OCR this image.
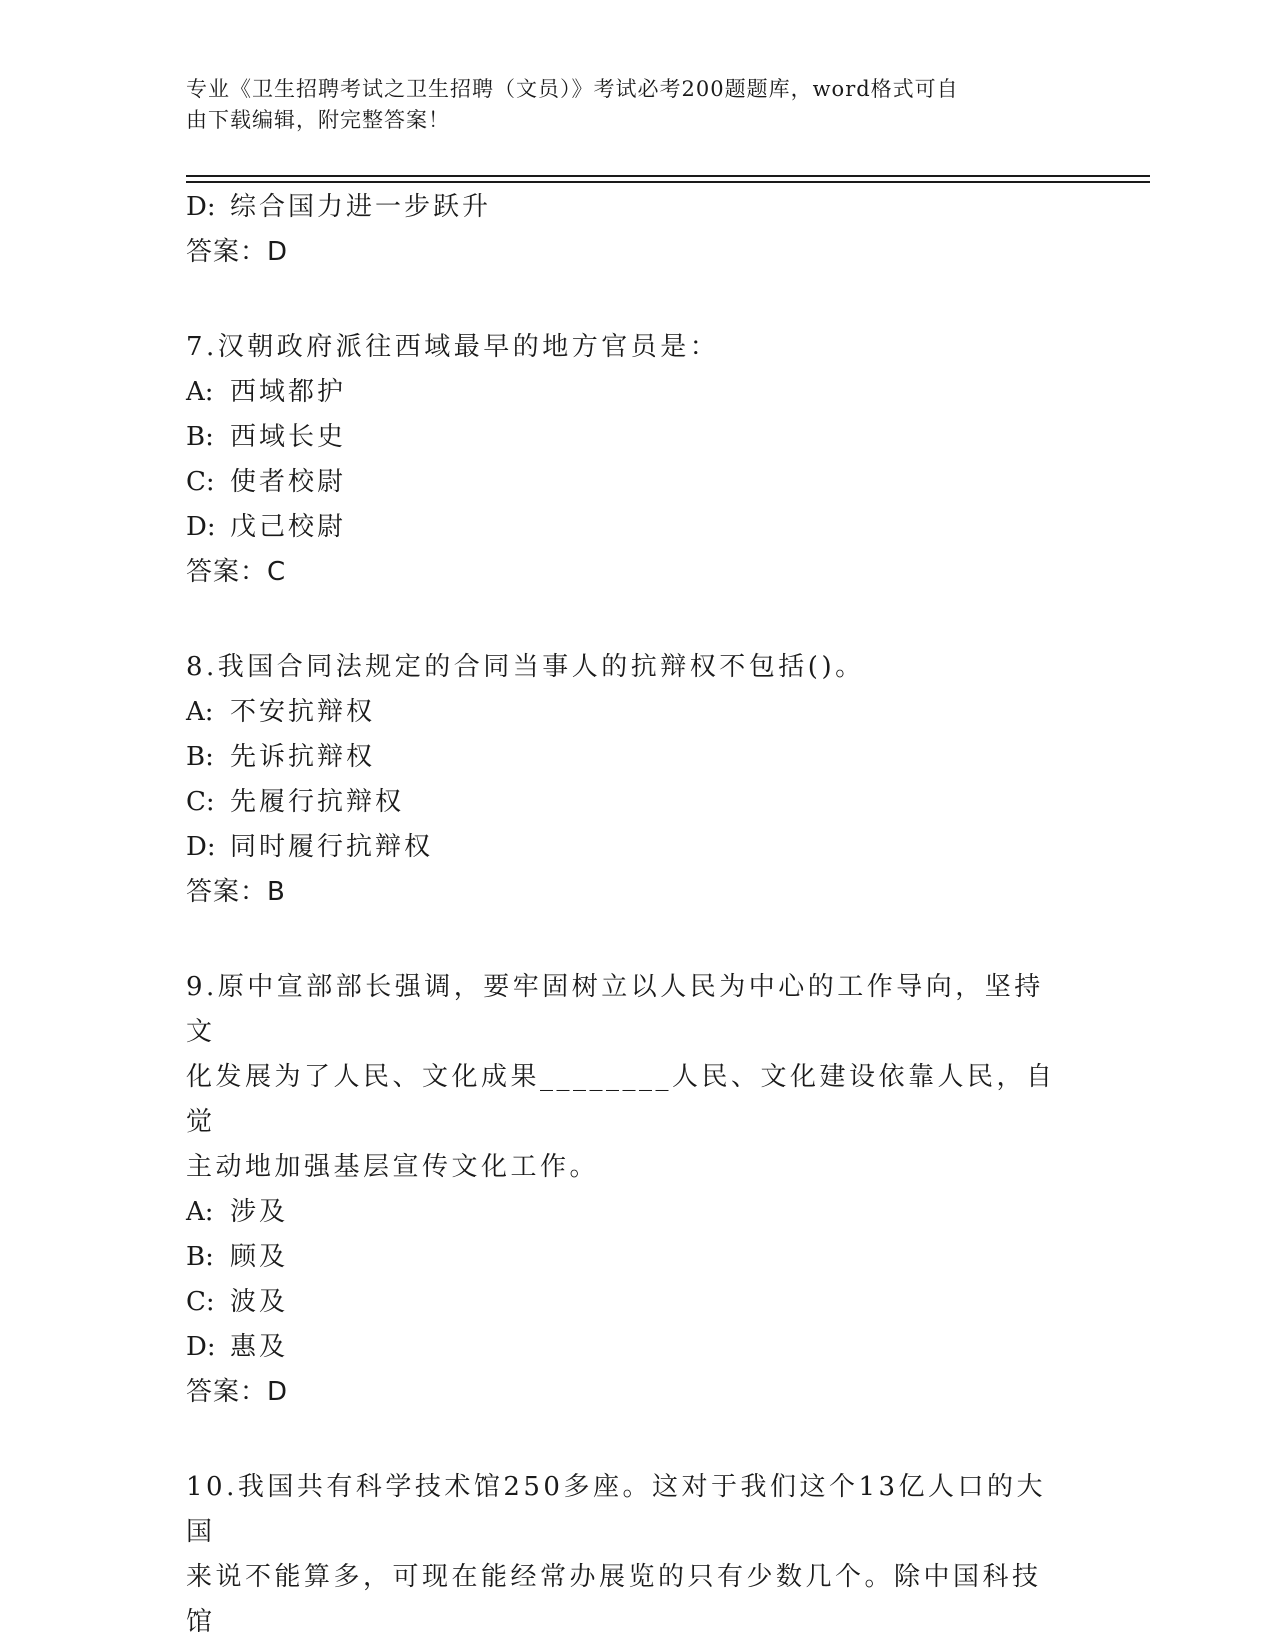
专业《卫生招聘考试之卫生招聘（文员）》考试必考200题题库，word格式可自
由下载编辑，附完整答案！
D: 综合国力进一步跃升
答案：D
7.汉朝政府派往西域最早的地方官员是：
A: 西域都护
B: 西域长史
C: 使者校尉
D: 戊己校尉
答案：C
8.我国合同法规定的合同当事人的抗辩权不包括()。
A: 不安抗辩权
B: 先诉抗辩权
C: 先履行抗辩权
D: 同时履行抗辩权
答案：B
9.原中宣部部长强调，要牢固树立以人民为中心的工作导向，坚持文
化发展为了人民、文化成果________人民、文化建设依靠人民，自觉
主动地加强基层宣传文化工作。
A: 涉及
B: 顾及
C: 波及
D: 惠及
答案：D
10.我国共有科学技术馆250多座。这对于我们这个13亿人口的大国
来说不能算多，可现在能经常办展览的只有少数几个。除中国科技馆
